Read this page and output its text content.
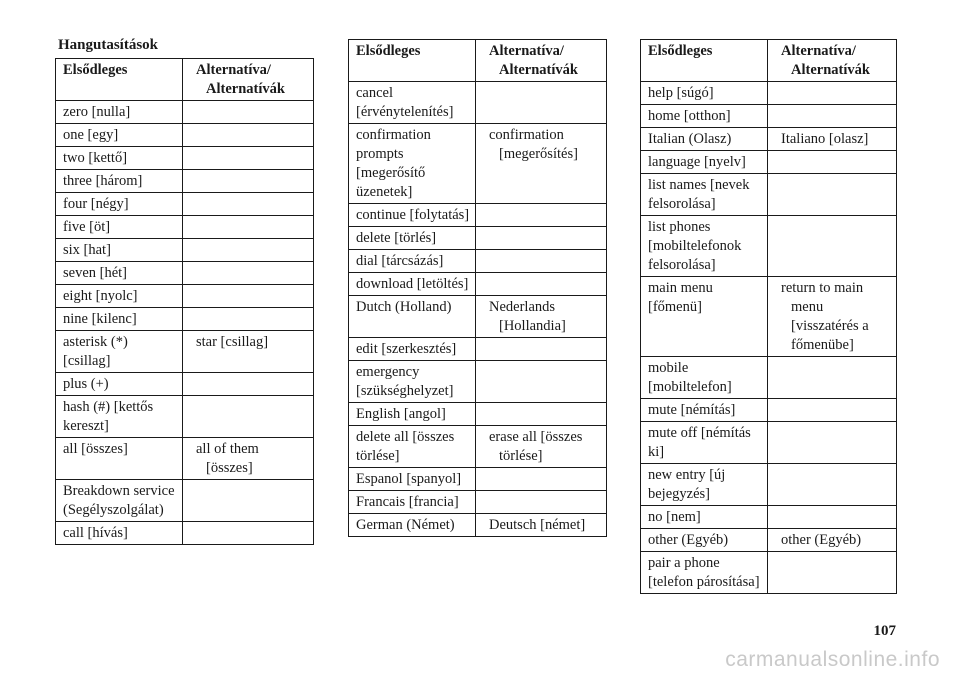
Hangutasítások
Elsődleges	Alternatíva/ Alternatívák

zero [nulla]	

one [egy]	

two [kettő]	

three [három]	

four [négy]	

five [öt]	

six [hat]	

seven [hét]	

eight [nyolc]	

nine [kilenc]	

asterisk (*) [csillag]	star [csillag]

plus (+)	

hash (#) [kettős kereszt]	

all [összes]	all of them [összes]

Breakdown service (Segélyszolgálat)	

call [hívás]	
Elsődleges	Alternatíva/ Alternatívák

cancel [érvénytelenítés]	

confirmation prompts [megerősítő üzenetek]	confirmation [megerősítés]

continue [folytatás]	

delete [törlés]	

dial [tárcsázás]	

download [letöltés]	

Dutch (Holland)	Nederlands [Hollandia]

edit [szerkesztés]	

emergency [szükséghelyzet]	

English [angol]	

delete all [összes törlése]	erase all [összes törlése]

Espanol [spanyol]	

Francais [francia]	

German (Német)	Deutsch [német]
Elsődleges	Alternatíva/ Alternatívák

help [súgó]	

home [otthon]	

Italian (Olasz)	Italiano [olasz]

language [nyelv]	

list names [nevek felsorolása]	

list phones [mobiltelefonok felsorolása]	

main menu [főmenü]	return to main menu [visszatérés a főmenübe]

mobile [mobiltelefon]	

mute [némítás]	

mute off [némítás ki]	

new entry [új bejegyzés]	

no [nem]	

other (Egyéb)	other (Egyéb)

pair a phone [telefon párosítása]	
107
carmanualsonline.info
